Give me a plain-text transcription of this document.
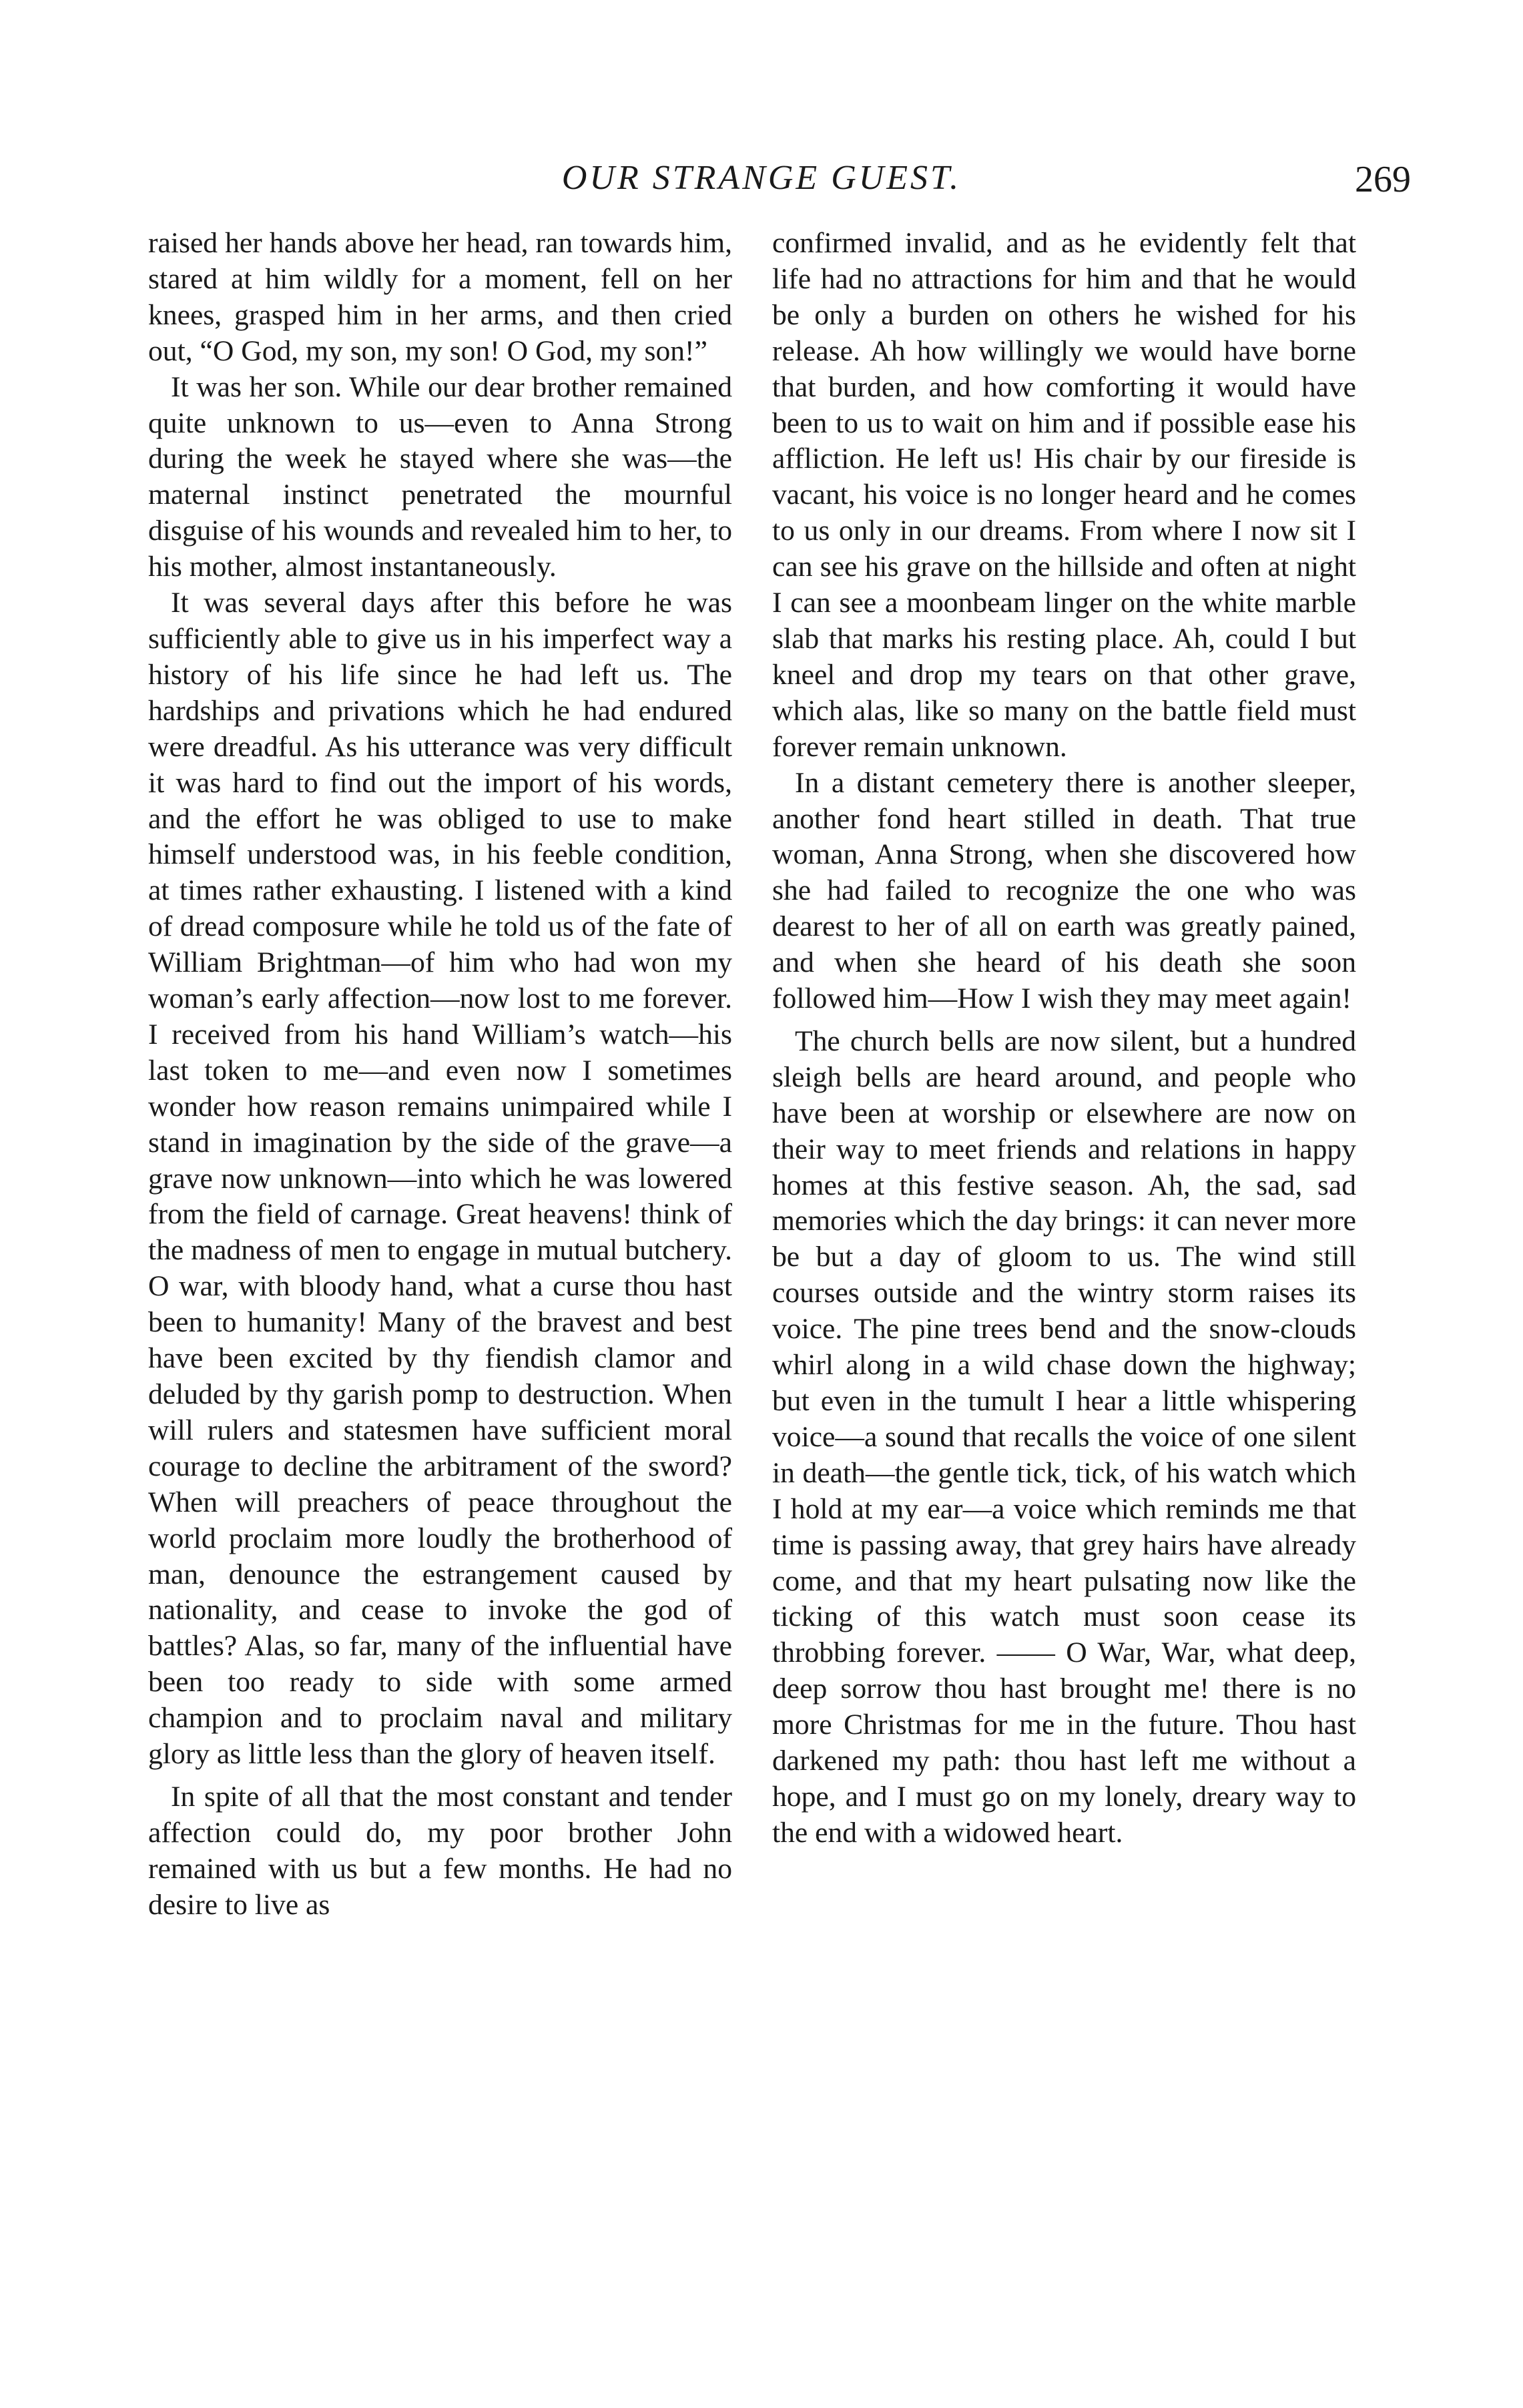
OUR STRANGE GUEST.	269

raised her hands above her head, ran towards him, stared at him wildly for a moment, fell on her knees, grasped him in her arms, and then cried out, “O God, my son, my son! O God, my son!”

It was her son. While our dear brother remained quite unknown to us—even to Anna Strong during the week he stayed where she was—the maternal instinct penetrated the mournful disguise of his wounds and revealed him to her, to his mother, almost instantaneously.

It was several days after this before he was sufficiently able to give us in his imperfect way a history of his life since he had left us. The hardships and privations which he had endured were dreadful. As his utterance was very difficult it was hard to find out the import of his words, and the effort he was obliged to use to make himself understood was, in his feeble condition, at times rather exhausting. I listened with a kind of dread composure while he told us of the fate of William Brightman—of him who had won my woman’s early affection—now lost to me forever. I received from his hand William’s watch—his last token to me—and even now I sometimes wonder how reason remains unimpaired while I stand in imagination by the side of the grave—a grave now unknown—into which he was lowered from the field of carnage. Great heavens! think of the madness of men to engage in mutual butchery. O war, with bloody hand, what a curse thou hast been to humanity! Many of the bravest and best have been excited by thy fiendish clamor and deluded by thy garish pomp to destruction. When will rulers and statesmen have sufficient moral courage to decline the arbitrament of the sword? When will preachers of peace throughout the world proclaim more loudly the brotherhood of man, denounce the estrangement caused by nationality, and cease to invoke the god of battles? Alas, so far, many of the influential have been too ready to side with some armed champion and to proclaim naval and military glory as little less than the glory of heaven itself.

In spite of all that the most constant and tender affection could do, my poor brother John remained with us but a few months. He had no desire to live as

confirmed invalid, and as he evidently felt that life had no attractions for him and that he would be only a burden on others he wished for his release. Ah how willingly we would have borne that burden, and how comforting it would have been to us to wait on him and if possible ease his affliction. He left us! His chair by our fireside is vacant, his voice is no longer heard and he comes to us only in our dreams. From where I now sit I can see his grave on the hillside and often at night I can see a moonbeam linger on the white marble slab that marks his resting place. Ah, could I but kneel and drop my tears on that other grave, which alas, like so many on the battle field must forever remain unknown.

In a distant cemetery there is another sleeper, another fond heart stilled in death. That true woman, Anna Strong, when she discovered how she had failed to recognize the one who was dearest to her of all on earth was greatly pained, and when she heard of his death she soon followed him—How I wish they may meet again!

The church bells are now silent, but a hundred sleigh bells are heard around, and people who have been at worship or elsewhere are now on their way to meet friends and relations in happy homes at this festive season. Ah, the sad, sad memories which the day brings: it can never more be but a day of gloom to us. The wind still courses outside and the wintry storm raises its voice. The pine trees bend and the snow-clouds whirl along in a wild chase down the highway; but even in the tumult I hear a little whispering voice—a sound that recalls the voice of one silent in death—the gentle tick, tick, of his watch which I hold at my ear—a voice which reminds me that time is passing away, that grey hairs have already come, and that my heart pulsating now like the ticking of this watch must soon cease its throbbing forever. —— O War, War, what deep, deep sorrow thou hast brought me! there is no more Christmas for me in the future. Thou hast darkened my path: thou hast left me without a hope, and I must go on my lonely, dreary way to the end with a widowed heart.
